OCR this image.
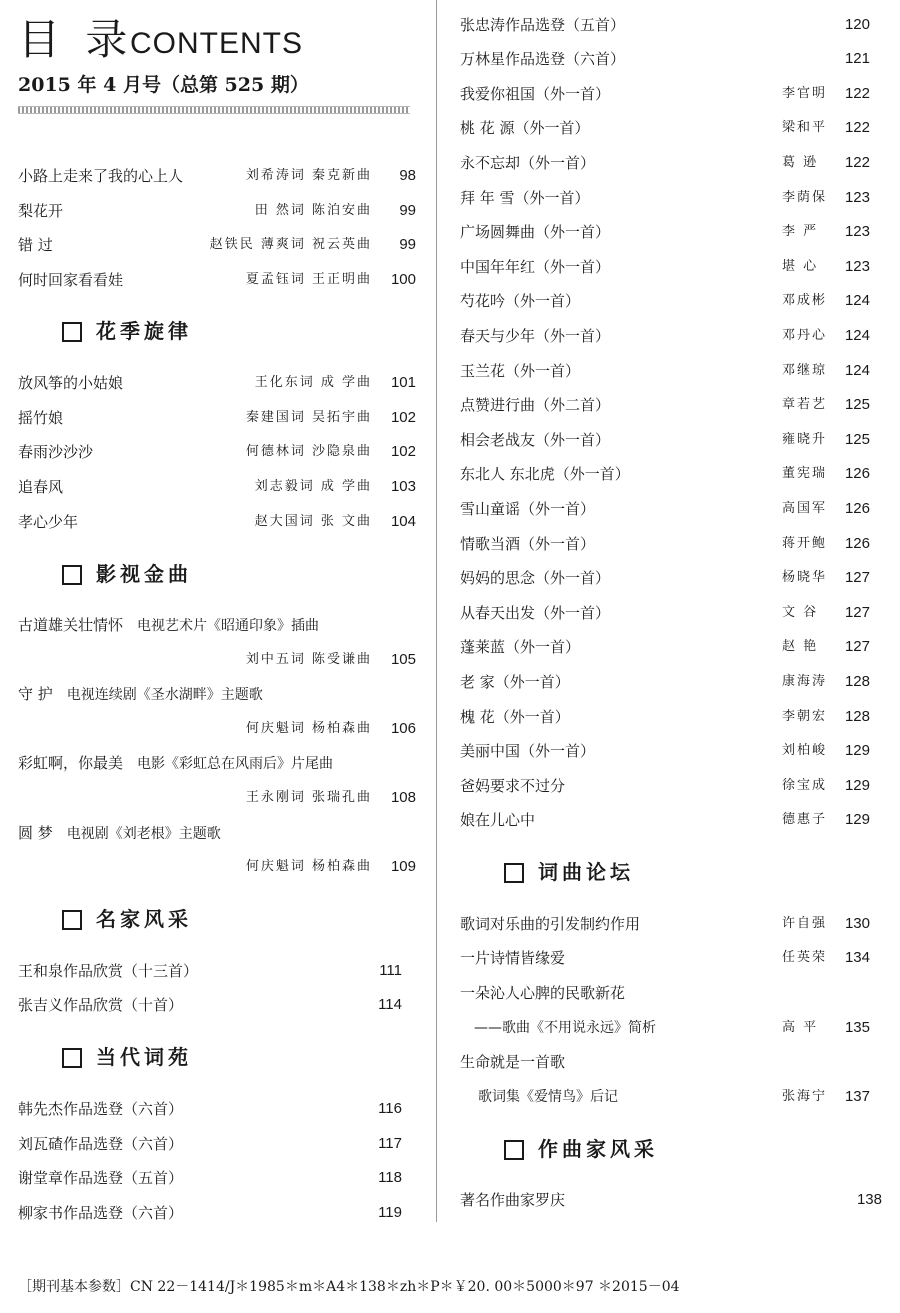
目 录
CONTENTS
2015 年 4 月号（总第 525 期）
小路上走来了我的心上人	刘希涛词 秦克新曲 98
梨花开	田 然词 陈泊安曲 99
错 过	赵铁民 薄爽词 祝云英曲 99
何时回家看看娃	夏孟钰词 王正明曲 100
花季旋律
放风筝的小姑娘	王化东词 成 学曲 101
摇竹娘	秦建国词 吴拓宇曲 102
春雨沙沙沙	何德林词 沙隐泉曲 102
追春风	刘志毅词 成 学曲 103
孝心少年	赵大国词 张 文曲 104
影视金曲
古道雄关壮情怀 电视艺术片《昭通印象》插曲
刘中五词 陈受谦曲 105
守 护 电视连续剧《圣水湖畔》主题歌
何庆魁词 杨柏森曲 106
彩虹啊，你最美 电影《彩虹总在风雨后》片尾曲
王永刚词 张瑞孔曲 108
圆 梦 电视剧《刘老根》主题歌
何庆魁词 杨柏森曲 109
名家风采
王和泉作品欣赏（十三首）	111
张吉义作品欣赏（十首）	114
当代词苑
韩先杰作品选登（六首）	116
刘瓦碴作品选登（六首）	117
谢堂章作品选登（五首）	118
柳家书作品选登（六首）	119
张忠涛作品选登（五首）	120
万林星作品选登（六首）	121
我爱你祖国（外一首）	李官明 122
桃 花 源（外一首）	梁和平 122
永不忘却（外一首）	葛 逊 122
拜 年 雪（外一首）	李荫保 123
广场圆舞曲（外一首）	李 严 123
中国年年红（外一首）	堪 心 123
芍花吟（外一首）	邓成彬 124
春天与少年（外一首）	邓丹心 124
玉兰花（外一首）	邓继琼 124
点赞进行曲（外二首）	章若艺 125
相会老战友（外一首）	雍晓升 125
东北人 东北虎（外一首）	董宪瑞 126
雪山童谣（外一首）	高国军 126
情歌当酒（外一首）	蒋开鲍 126
妈妈的思念（外一首）	杨晓华 127
从春天出发（外一首）	文 谷 127
蓬莱蓝（外一首）	赵 艳 127
老 家（外一首）	康海涛 128
槐 花（外一首）	李朝宏 128
美丽中国（外一首）	刘柏峻 129
爸妈要求不过分	徐宝成 129
娘在儿心中	德惠子 129
词曲论坛
歌词对乐曲的引发制约作用	许自强 130
一片诗情皆缘爱	任英荣 134
一朵沁人心脾的民歌新花
——歌曲《不用说永远》简析	高 平 135
生命就是一首歌
歌词集《爱情鸟》后记	张海宁 137
作曲家风采
著名作曲家罗庆	138
［期刊基本参数］CN 22－1414/J＊1985＊m＊A4＊138＊zh＊P＊￥20. 00＊5000＊97 ＊2015－04
